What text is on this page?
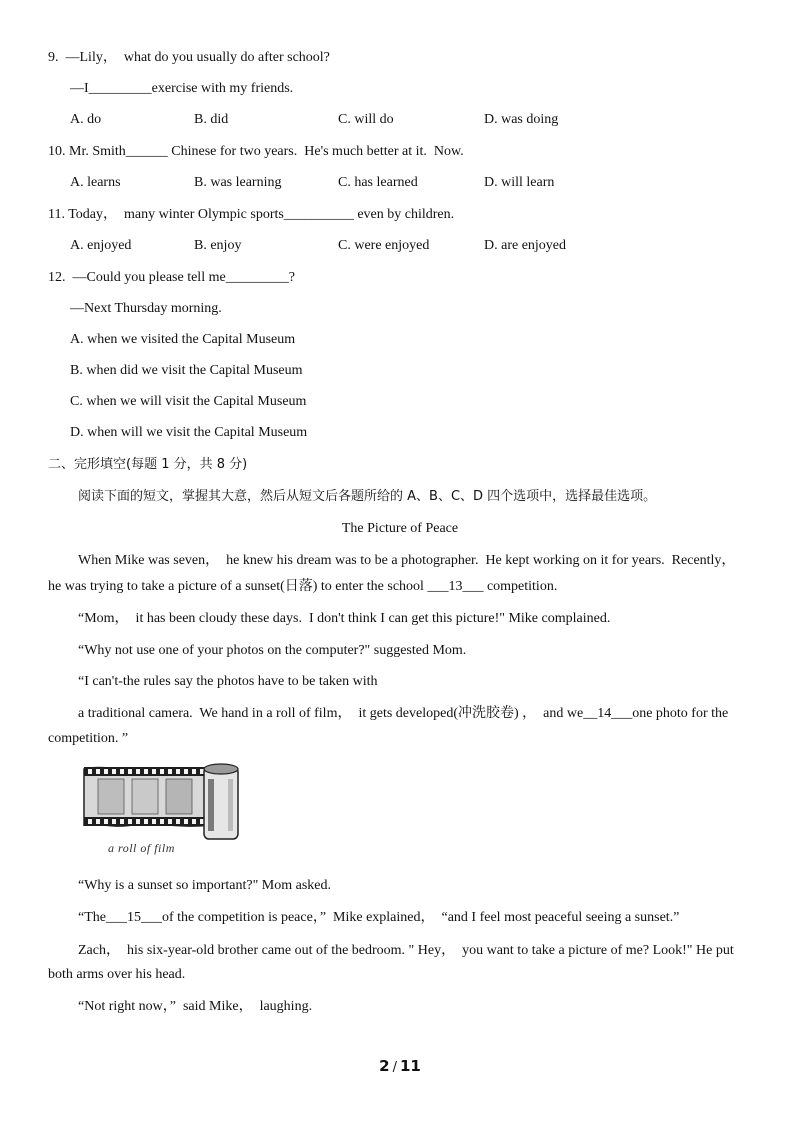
9.  —Lily，  what do you usually do after school?
—I_________exercise with my friends.
A. do	B. did	C. will do	D. was doing
10. Mr. Smith______ Chinese for two years.  He's much better at it.  Now.
A. learns	B. was learning	C. has learned	D. will learn
11. Today，  many winter Olympic sports__________ even by children.
A. enjoyed	B. enjoy	C. were enjoyed	D. are enjoyed
12.  —Could you please tell me_________?
—Next Thursday morning.
A. when we visited the Capital Museum
B. when did we visit the Capital Museum
C. when we will visit the Capital Museum
D. when will we visit the Capital Museum
二、完形填空(每题 1 分，共 8 分)
阅读下面的短文，掌握其大意，然后从短文后各题所给的 A、B、C、D 四个选项中，选择最佳选项。
The Picture of Peace
When Mike was seven，  he knew his dream was to be a photographer.  He kept working on it for years.  Recently，
he was trying to take a picture of a sunset(日落) to enter the school ___13___ competition.
“Mom，  it has been cloudy these days.  I don't think I can get this picture!" Mike complained.
“Why not use one of your photos on the computer?" suggested Mom.
“I can't-the rules say the photos have to be taken with
a traditional camera.  We hand in a roll of film，  it gets developed(冲洗胶卷) ，  and we__14___one photo for the
competition. ”
a roll of film
“Why is a sunset so important?" Mom asked.
“The___15___of the competition is peace，”  Mike explained，  “and I feel most peaceful seeing a sunset.”
Zach，  his six-year-old brother came out of the bedroom. " Hey，  you want to take a picture of me? Look!" He put
both arms over his head.
“Not right now，”  said Mike，  laughing.
2 / 11
